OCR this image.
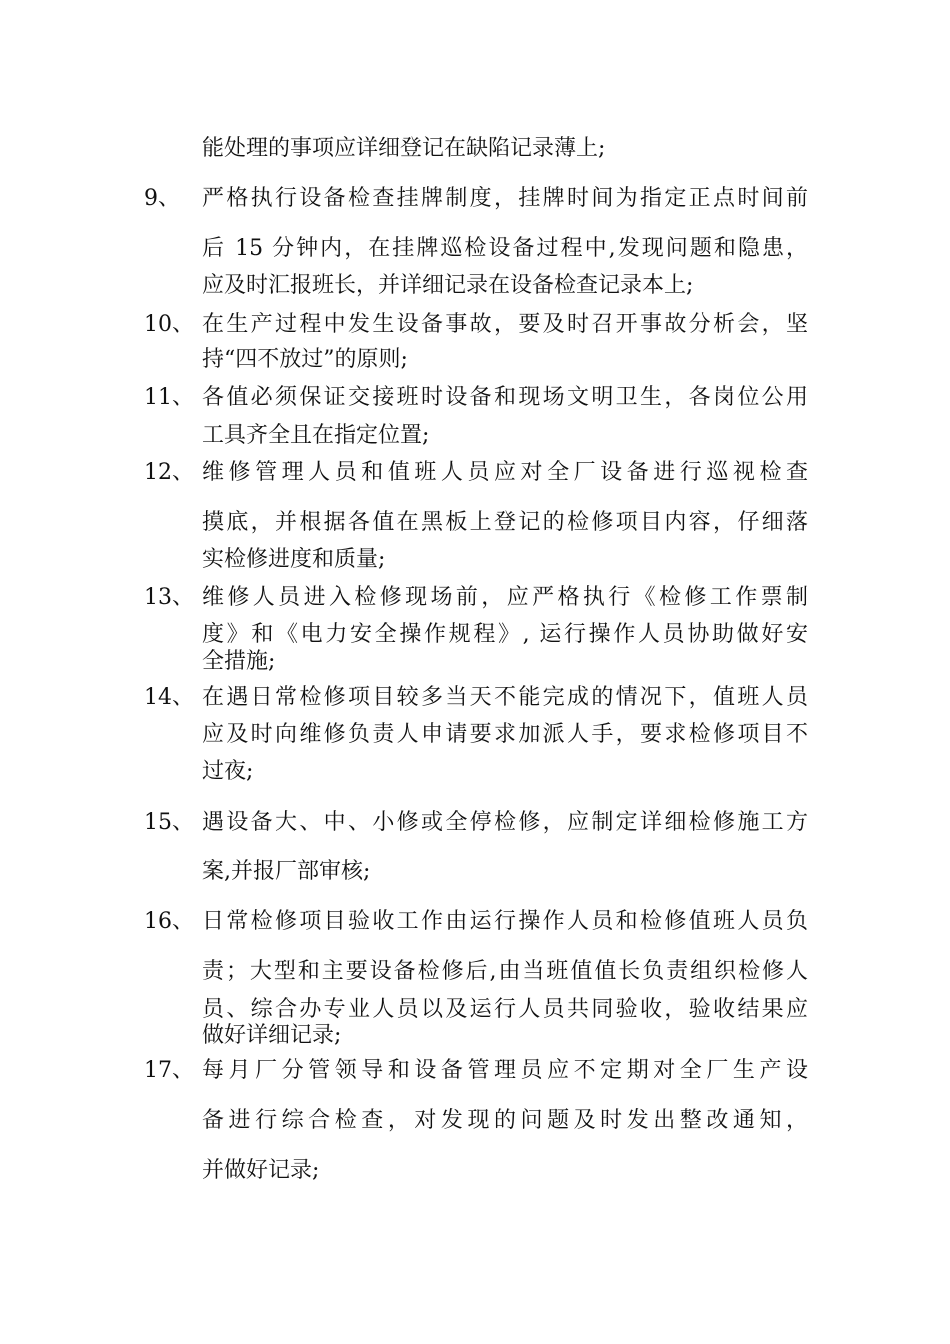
能处理的事项应详细登记在缺陷记录薄上;
9、 严格执行设备检查挂牌制度，挂牌时间为指定正点时间前
后 15 分钟内，在挂牌巡检设备过程中,发现问题和隐患，
应及时汇报班长，并详细记录在设备检查记录本上;
10、 在生产过程中发生设备事故，要及时召开事故分析会，坚
持“四不放过”的原则;
11、 各值必须保证交接班时设备和现场文明卫生，各岗位公用
工具齐全且在指定位置;
12、 维修管理人员和值班人员应对全厂设备进行巡视检查
摸底，并根据各值在黑板上登记的检修项目内容，仔细落
实检修进度和质量;
13、 维修人员进入检修现场前，应严格执行《检修工作票制
度》和《电力安全操作规程》, 运行操作人员协助做好安
全措施;
14、 在遇日常检修项目较多当天不能完成的情况下，值班人员
应及时向维修负责人申请要求加派人手，要求检修项目不
过夜;
15、 遇设备大、中、小修或全停检修，应制定详细检修施工方
案,并报厂部审核;
16、 日常检修项目验收工作由运行操作人员和检修值班人员负
责；大型和主要设备检修后,由当班值值长负责组织检修人
员、综合办专业人员以及运行人员共同验收，验收结果应
做好详细记录;
17、 每月厂分管领导和设备管理员应不定期对全厂生产设
备进行综合检查，对发现的问题及时发出整改通知，
并做好记录;
